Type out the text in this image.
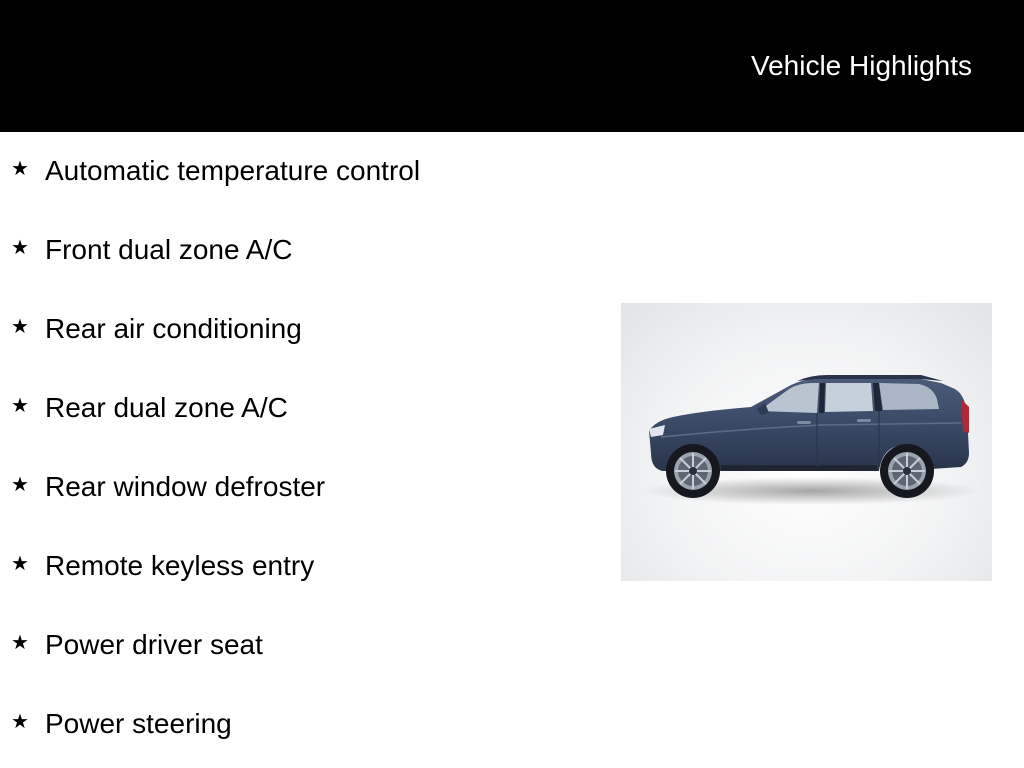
Vehicle Highlights
★ Automatic temperature control
★ Front dual zone A/C
★ Rear air conditioning
★ Rear dual zone A/C
★ Rear window defroster
★ Remote keyless entry
★ Power driver seat
★ Power steering
